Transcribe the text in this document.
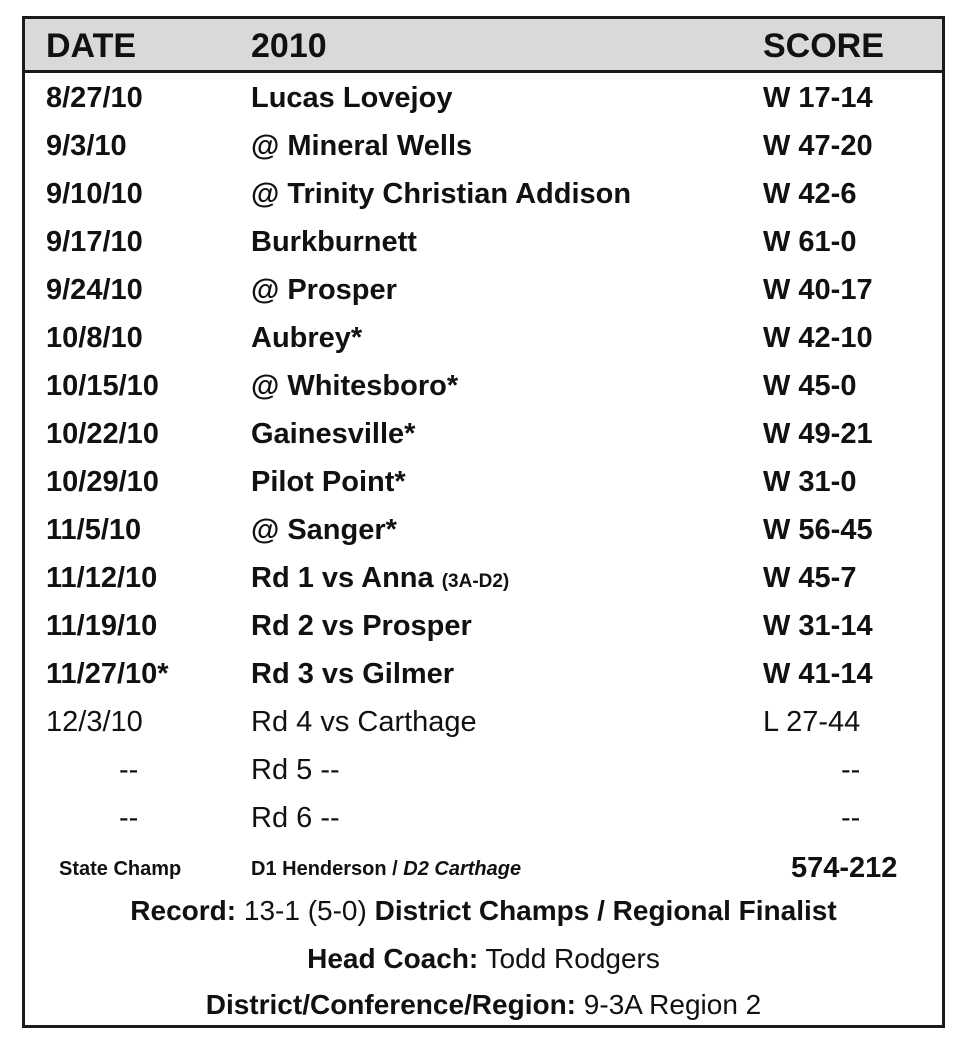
DATE	2010	SCORE
8/27/10	Lucas Lovejoy	W 17-14
9/3/10	@ Mineral Wells	W 47-20
9/10/10	@ Trinity Christian Addison	W 42-6
9/17/10	Burkburnett	W 61-0
9/24/10	@ Prosper	W 40-17
10/8/10	Aubrey*	W 42-10
10/15/10	@ Whitesboro*	W 45-0
10/22/10	Gainesville*	W 49-21
10/29/10	Pilot Point*	W 31-0
11/5/10	@ Sanger*	W 56-45
11/12/10	Rd 1 vs Anna (3A-D2)	W 45-7
11/19/10	Rd 2 vs Prosper	W 31-14
11/27/10*	Rd 3 vs Gilmer	W 41-14
12/3/10	Rd 4 vs Carthage	L 27-44
--	Rd 5 --	--
--	Rd 6 --	--
State Champ	D1 Henderson / D2 Carthage	574-212
Record: 13-1 (5-0) District Champs / Regional Finalist
Head Coach: Todd Rodgers
District/Conference/Region: 9-3A Region 2
